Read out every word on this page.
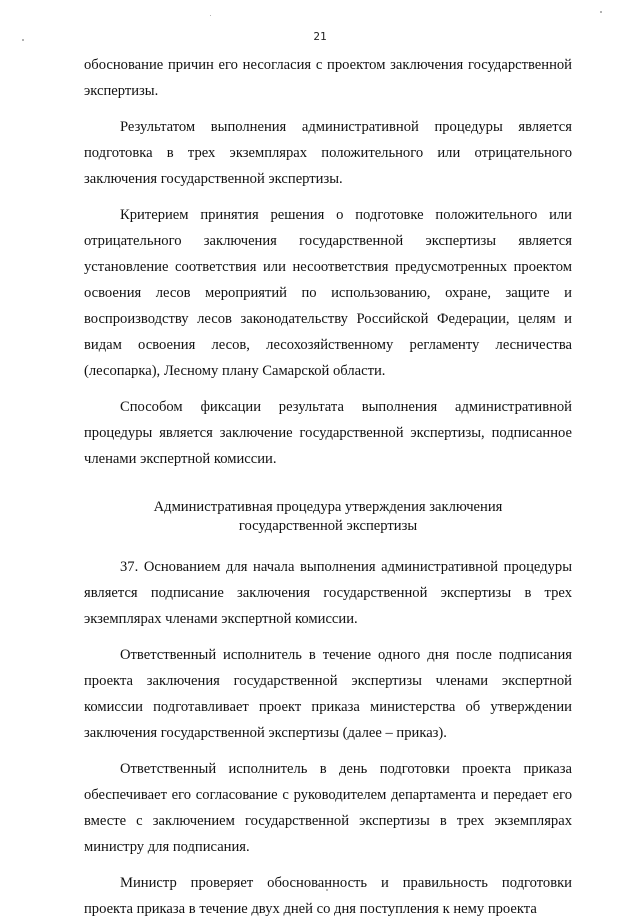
21

обоснование причин его несогласия с проектом заключения государственной экспертизы.

Результатом выполнения административной процедуры является подготовка в трех экземплярах положительного или отрицательного заключения государственной экспертизы.

Критерием принятия решения о подготовке положительного или отрицательного заключения государственной экспертизы является установление соответствия или несоответствия предусмотренных проектом освоения лесов мероприятий по использованию, охране, защите и воспроизводству лесов законодательству Российской Федерации, целям и видам освоения лесов, лесохозяйственному регламенту лесничества (лесопарка), Лесному плану Самарской области.

Способом фиксации результата выполнения административной процедуры является заключение государственной экспертизы, подписанное членами экспертной комиссии.

Административная процедура утверждения заключения
государственной экспертизы

37. Основанием для начала выполнения административной процедуры является подписание заключения государственной экспертизы в трех экземплярах членами экспертной комиссии.

Ответственный исполнитель в течение одного дня после подписания проекта заключения государственной экспертизы членами экспертной комиссии подготавливает проект приказа министерства об утверждении заключения государственной экспертизы (далее – приказ).

Ответственный исполнитель в день подготовки проекта приказа обеспечивает его согласование с руководителем департамента и передает его вместе с заключением государственной экспертизы в трех экземплярах министру для подписания.

Министр проверяет обоснованность и правильность подготовки проекта приказа в течение двух дней со дня поступления к нему проекта
